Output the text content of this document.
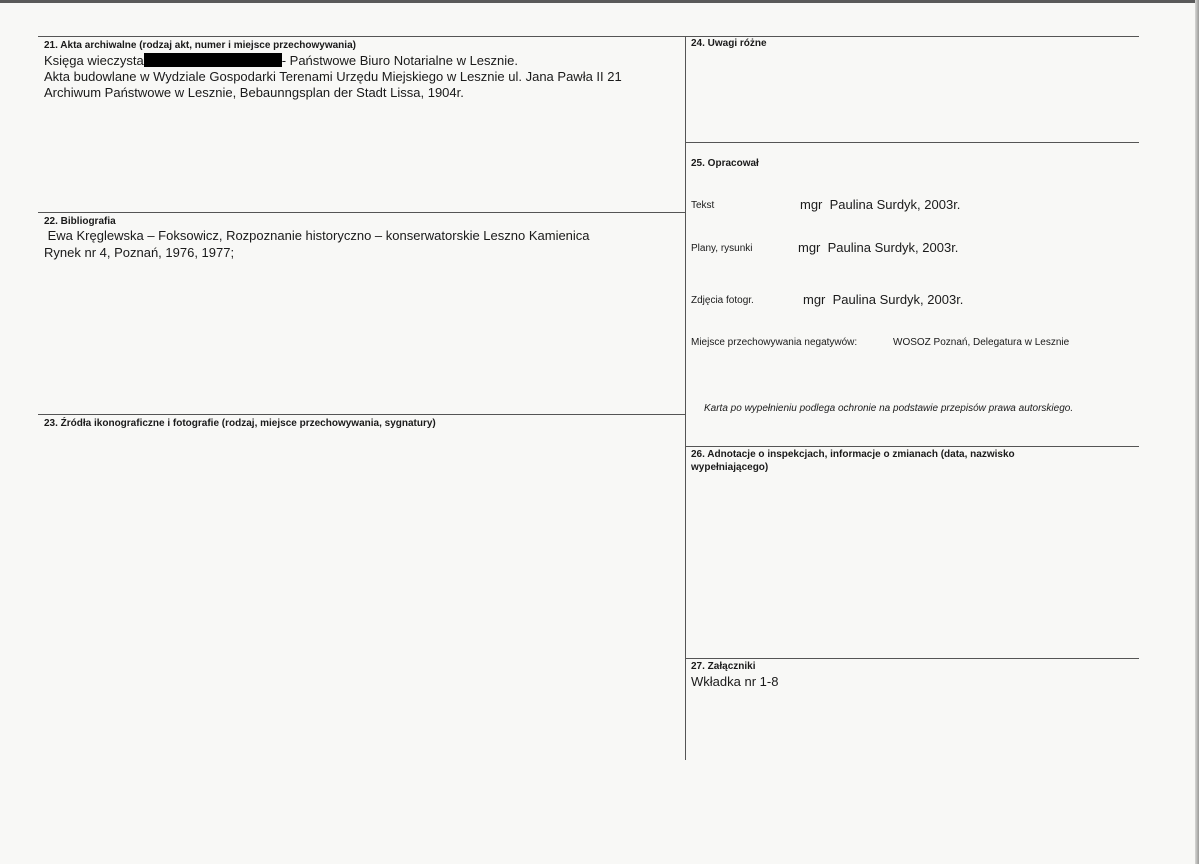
21. Akta archiwalne (rodzaj akt, numer i miejsce przechowywania)
Księga wieczysta	- Państwowe Biuro Notarialne w Lesznie.
Akta budowlane w Wydziale Gospodarki Terenami Urzędu Miejskiego w Lesznie ul. Jana Pawła II 21
Archiwum Państwowe w Lesznie, Bebaunngsplan der Stadt Lissa, 1904r.
22. Bibliografia
Ewa Kręglewska – Foksowicz, Rozpoznanie historyczno – konserwatorskie Leszno Kamienica
Rynek nr 4, Poznań, 1976, 1977;
23. Źródła ikonograficzne i fotografie (rodzaj, miejsce przechowywania, sygnatury)
24. Uwagi różne
25. Opracował
Tekst	mgr  Paulina Surdyk, 2003r.
Plany, rysunki	mgr  Paulina Surdyk, 2003r.
Zdjęcia fotogr.	mgr  Paulina Surdyk, 2003r.
Miejsce przechowywania negatywów:	WOSOZ Poznań, Delegatura w Lesznie
Karta po wypełnieniu podlega ochronie na podstawie przepisów prawa autorskiego.
26. Adnotacje o inspekcjach, informacje o zmianach (data, nazwisko
wypełniającego)
27. Załączniki
Wkładka nr 1-8
